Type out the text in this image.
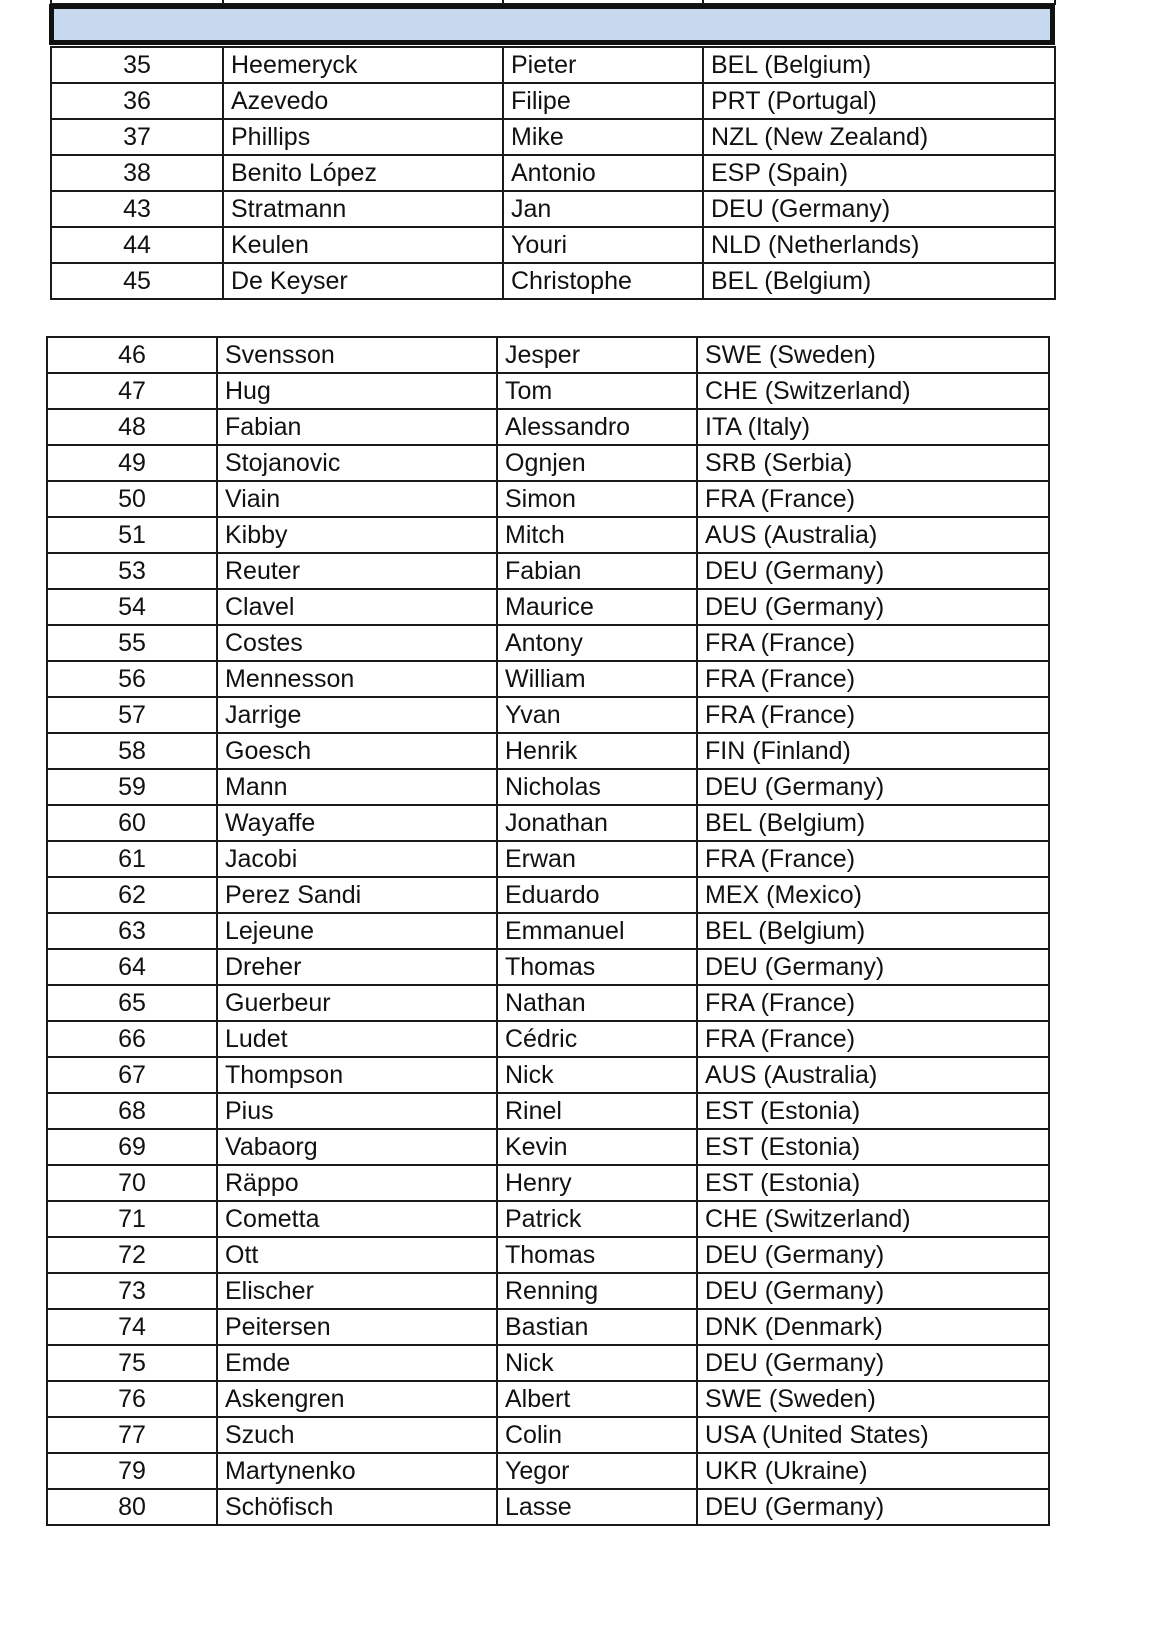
35	Heemeryck	Pieter	BEL (Belgium)
36	Azevedo	Filipe	PRT (Portugal)
37	Phillips	Mike	NZL (New Zealand)
38	Benito López	Antonio	ESP (Spain)
43	Stratmann	Jan	DEU (Germany)
44	Keulen	Youri	NLD (Netherlands)
45	De Keyser	Christophe	BEL (Belgium)
46	Svensson	Jesper	SWE (Sweden)
47	Hug	Tom	CHE (Switzerland)
48	Fabian	Alessandro	ITA (Italy)
49	Stojanovic	Ognjen	SRB (Serbia)
50	Viain	Simon	FRA (France)
51	Kibby	Mitch	AUS (Australia)
53	Reuter	Fabian	DEU (Germany)
54	Clavel	Maurice	DEU (Germany)
55	Costes	Antony	FRA (France)
56	Mennesson	William	FRA (France)
57	Jarrige	Yvan	FRA (France)
58	Goesch	Henrik	FIN (Finland)
59	Mann	Nicholas	DEU (Germany)
60	Wayaffe	Jonathan	BEL (Belgium)
61	Jacobi	Erwan	FRA (France)
62	Perez Sandi	Eduardo	MEX (Mexico)
63	Lejeune	Emmanuel	BEL (Belgium)
64	Dreher	Thomas	DEU (Germany)
65	Guerbeur	Nathan	FRA (France)
66	Ludet	Cédric	FRA (France)
67	Thompson	Nick	AUS (Australia)
68	Pius	Rinel	EST (Estonia)
69	Vabaorg	Kevin	EST (Estonia)
70	Räppo	Henry	EST (Estonia)
71	Cometta	Patrick	CHE (Switzerland)
72	Ott	Thomas	DEU (Germany)
73	Elischer	Renning	DEU (Germany)
74	Peitersen	Bastian	DNK (Denmark)
75	Emde	Nick	DEU (Germany)
76	Askengren	Albert	SWE (Sweden)
77	Szuch	Colin	USA (United States)
79	Martynenko	Yegor	UKR (Ukraine)
80	Schöfisch	Lasse	DEU (Germany)
